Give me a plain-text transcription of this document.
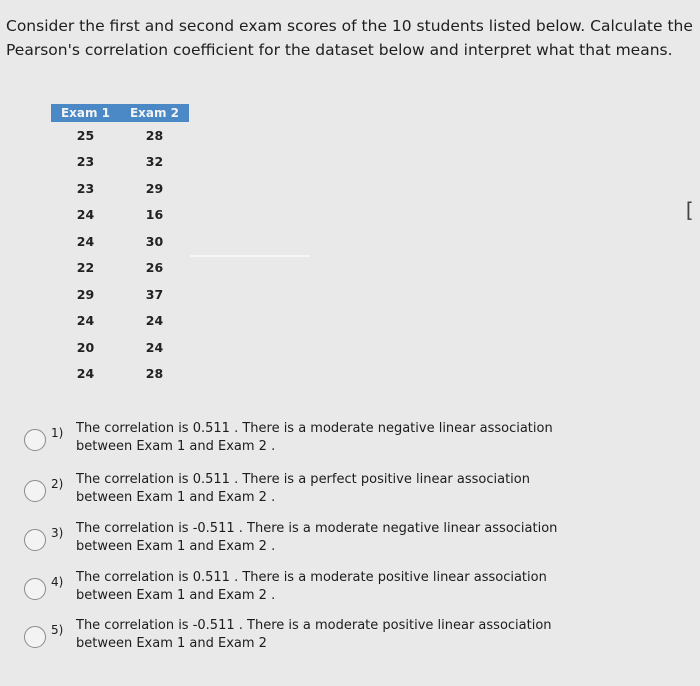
Consider the first and second exam scores of the 10 students listed below. Calculate the Pearson's correlation coefficient for the dataset below and interpret what that means.
Exam 1	Exam 2
25	28
23	32
23	29
24	16
24	30
22	26
29	37
24	24
20	24
24	28
[
1) The correlation is 0.511 . There is a moderate negative linear association
between Exam 1 and Exam 2 .
2) The correlation is 0.511 . There is a perfect positive linear association
between Exam 1 and Exam 2 .
3) The correlation is -0.511 . There is a moderate negative linear association
between Exam 1 and Exam 2 .
4) The correlation is 0.511 . There is a moderate positive linear association
between Exam 1 and Exam 2 .
5) The correlation is -0.511 . There is a moderate positive linear association
between Exam 1 and Exam 2
